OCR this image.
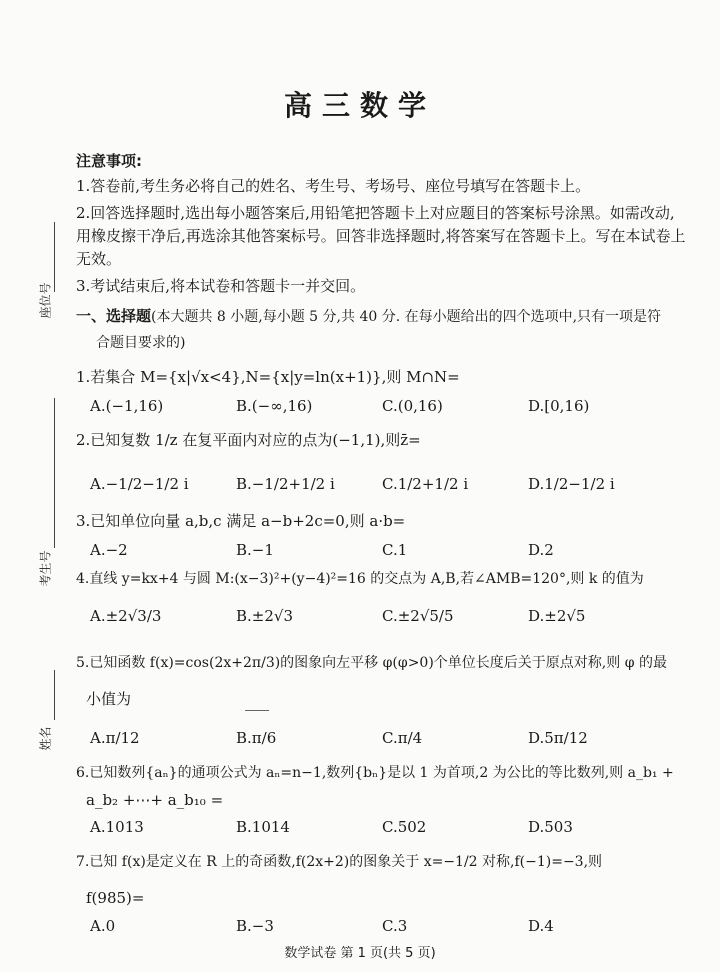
高三数学
注意事项:
1.答卷前,考生务必将自己的姓名、考生号、考场号、座位号填写在答题卡上。
2.回答选择题时,选出每小题答案后,用铅笔把答题卡上对应题目的答案标号涂黑。如需改动,
用橡皮擦干净后,再选涂其他答案标号。回答非选择题时,将答案写在答题卡上。写在本试卷上
无效。
3.考试结束后,将本试卷和答题卡一并交回。
一、选择题(本大题共 8 小题,每小题 5 分,共 40 分. 在每小题给出的四个选项中,只有一项是符
合题目要求的)
座位号
考生号
姓名
1.若集合 M={x|√x<4},N={x|y=ln(x+1)},则 M∩N=
A.(−1,16)	B.(−∞,16)	C.(0,16)	D.[0,16)
2.已知复数 1/z 在复平面内对应的点为(−1,1),则z̄=
A.−1/2−1/2 i	B.−1/2+1/2 i	C.1/2+1/2 i	D.1/2−1/2 i
3.已知单位向量 a,b,c 满足 a−b+2c=0,则 a·b=
A.−2	B.−1	C.1	D.2
4.直线 y=kx+4 与圆 M:(x−3)²+(y−4)²=16 的交点为 A,B,若∠AMB=120°,则 k 的值为
A.±2√3/3	B.±2√3	C.±2√5/5	D.±2√5
5.已知函数 f(x)=cos(2x+2π/3)的图象向左平移 φ(φ>0)个单位长度后关于原点对称,则 φ 的最
小值为
A.π/12	B.π/6	C.π/4	D.5π/12
6.已知数列{aₙ}的通项公式为 aₙ=n−1,数列{bₙ}是以 1 为首项,2 为公比的等比数列,则 a_b₁ +
a_b₂ +⋯+ a_b₁₀ =
A.1013	B.1014	C.502	D.503
7.已知 f(x)是定义在 R 上的奇函数,f(2x+2)的图象关于 x=−1/2 对称,f(−1)=−3,则
f(985)=
A.0	B.−3	C.3	D.4
数学试卷 第 1 页(共 5 页)
